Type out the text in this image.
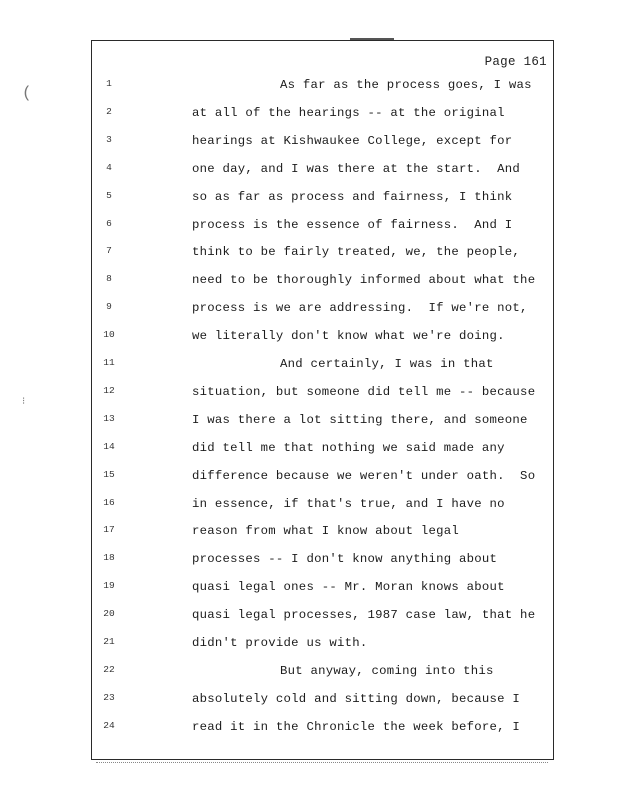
(
⁝
Page 161
1	As far as the process goes, I was
2	at all of the hearings -- at the original
3	hearings at Kishwaukee College, except for
4	one day, and I was there at the start.  And
5	so as far as process and fairness, I think
6	process is the essence of fairness.  And I
7	think to be fairly treated, we, the people,
8	need to be thoroughly informed about what the
9	process is we are addressing.  If we're not,
10	we literally don't know what we're doing.
11	And certainly, I was in that
12	situation, but someone did tell me -- because
13	I was there a lot sitting there, and someone
14	did tell me that nothing we said made any
15	difference because we weren't under oath.  So
16	in essence, if that's true, and I have no
17	reason from what I know about legal
18	processes -- I don't know anything about
19	quasi legal ones -- Mr. Moran knows about
20	quasi legal processes, 1987 case law, that he
21	didn't provide us with.
22	But anyway, coming into this
23	absolutely cold and sitting down, because I
24	read it in the Chronicle the week before, I
